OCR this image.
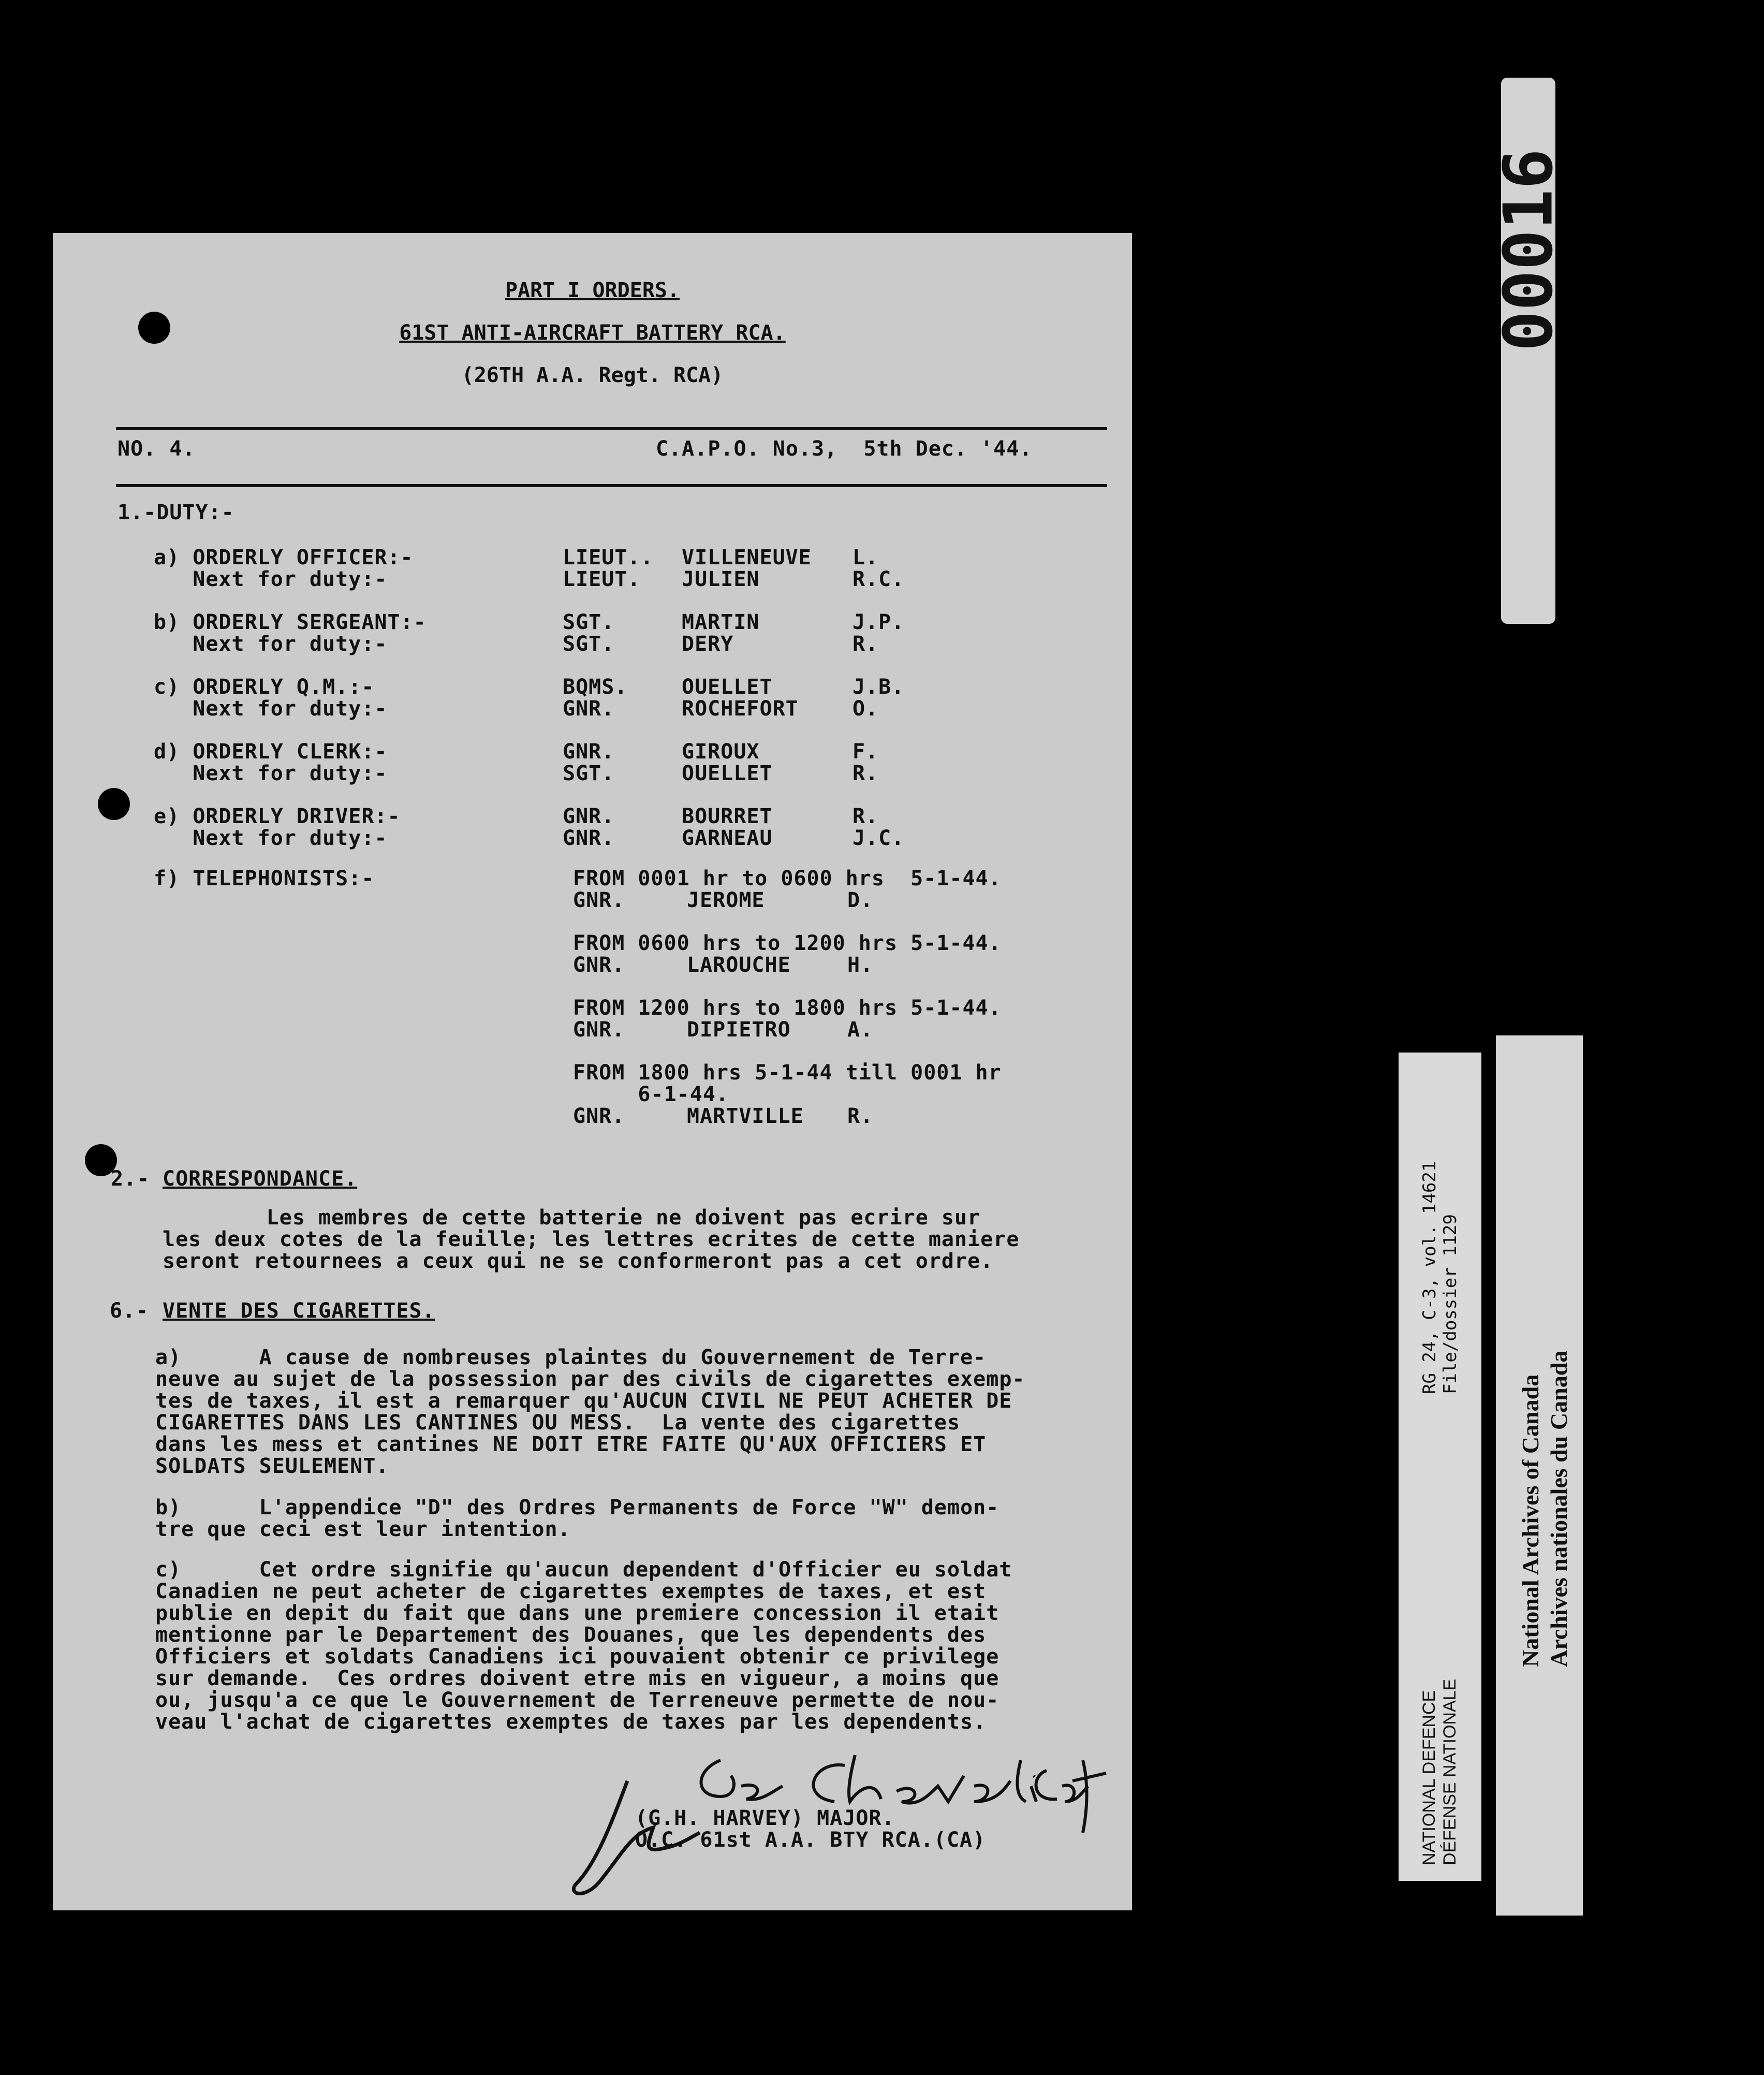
PART I ORDERS.
61ST ANTI-AIRCRAFT BATTERY RCA.
(26TH A.A. Regt. RCA)
NO. 4.	C.A.P.O. No.3,  5th Dec. '44.
1.-DUTY:-
a) ORDERLY OFFICER:-	LIEUT.. VILLENEUVE L.
Next for duty:-	LIEUT. JULIEN	R.C.
b) ORDERLY SERGEANT:-	SGT.	MARTIN	J.P.
Next for duty:-	SGT.	DERY	R.
c) ORDERLY Q.M.:-	BQMS.	OUELLET	J.B.
Next for duty:-	GNR.	ROCHEFORT	O.
d) ORDERLY CLERK:-	GNR.	GIROUX	F.
Next for duty:-	SGT.	OUELLET	R.
e) ORDERLY DRIVER:-	GNR.	BOURRET	R.
Next for duty:-	GNR.	GARNEAU	J.C.
f) TELEPHONISTS:-	FROM 0001 hr to 0600 hrs  5-1-44.
GNR.	JEROME	D.
FROM 0600 hrs to 1200 hrs 5-1-44.
GNR.	LAROUCHE	H.
FROM 1200 hrs to 1800 hrs 5-1-44.
GNR.	DIPIETRO	A.
FROM 1800 hrs 5-1-44 till 0001 hr
6-1-44.
GNR.	MARTVILLE R.
2.- CORRESPONDANCE.
Les membres de cette batterie ne doivent pas ecrire sur
les deux cotes de la feuille; les lettres ecrites de cette maniere
seront retournees a ceux qui ne se conformeront pas a cet ordre.
6.- VENTE DES CIGARETTES.
a)      A cause de nombreuses plaintes du Gouvernement de Terre-
neuve au sujet de la possession par des civils de cigarettes exemp-
tes de taxes, il est a remarquer qu'AUCUN CIVIL NE PEUT ACHETER DE
CIGARETTES DANS LES CANTINES OU MESS.  La vente des cigarettes
dans les mess et cantines NE DOIT ETRE FAITE QU'AUX OFFICIERS ET
SOLDATS SEULEMENT.
b)      L'appendice "D" des Ordres Permanents de Force "W" demon-
tre que ceci est leur intention.
c)      Cet ordre signifie qu'aucun dependent d'Officier eu soldat
Canadien ne peut acheter de cigarettes exemptes de taxes, et est
publie en depit du fait que dans une premiere concession il etait
mentionne par le Departement des Douanes, que les dependents des
Officiers et soldats Canadiens ici pouvaient obtenir ce privilege
sur demande.  Ces ordres doivent etre mis en vigueur, a moins que
ou, jusqu'a ce que le Gouvernement de Terreneuve permette de nou-
veau l'achat de cigarettes exemptes de taxes par les dependents.
(G.H. HARVEY) MAJOR.
O.C. 61st A.A. BTY RCA.(CA)
00016
RG 24, C-3, vol. 14621 File/dossier 1129
NATIONAL DEFENCE DÉFENSE NATIONALE
National Archives of Canada Archives nationales du Canada
